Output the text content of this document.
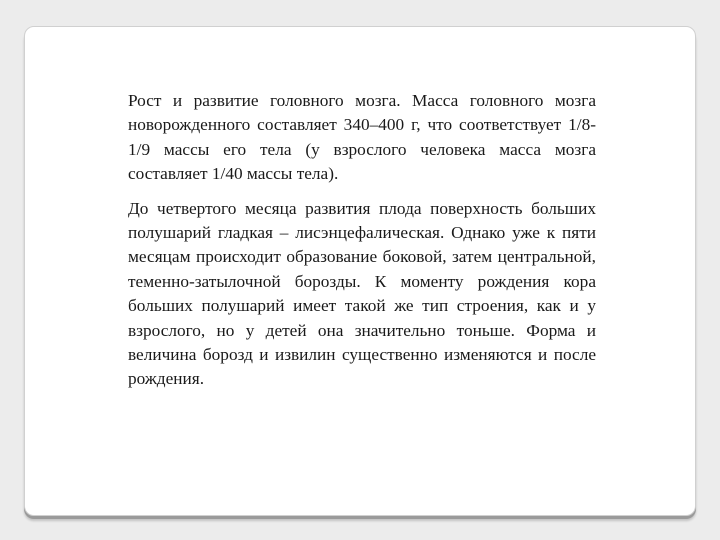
Рост и развитие головного мозга. Масса головного мозга новорожденного составляет 340–400 г, что соответствует 1/8-1/9 массы его тела (у взрослого человека масса мозга составляет 1/40 массы тела).

До четвертого месяца развития плода поверхность больших полушарий гладкая – лисэнцефалическая. Однако уже к пяти месяцам происходит образование боковой, затем центральной, теменно-затылочной борозды. К моменту рождения кора больших полушарий имеет такой же тип строения, как и у взрослого, но у детей она значительно тоньше. Форма и величина борозд и извилин существенно изменяются и после рождения.
